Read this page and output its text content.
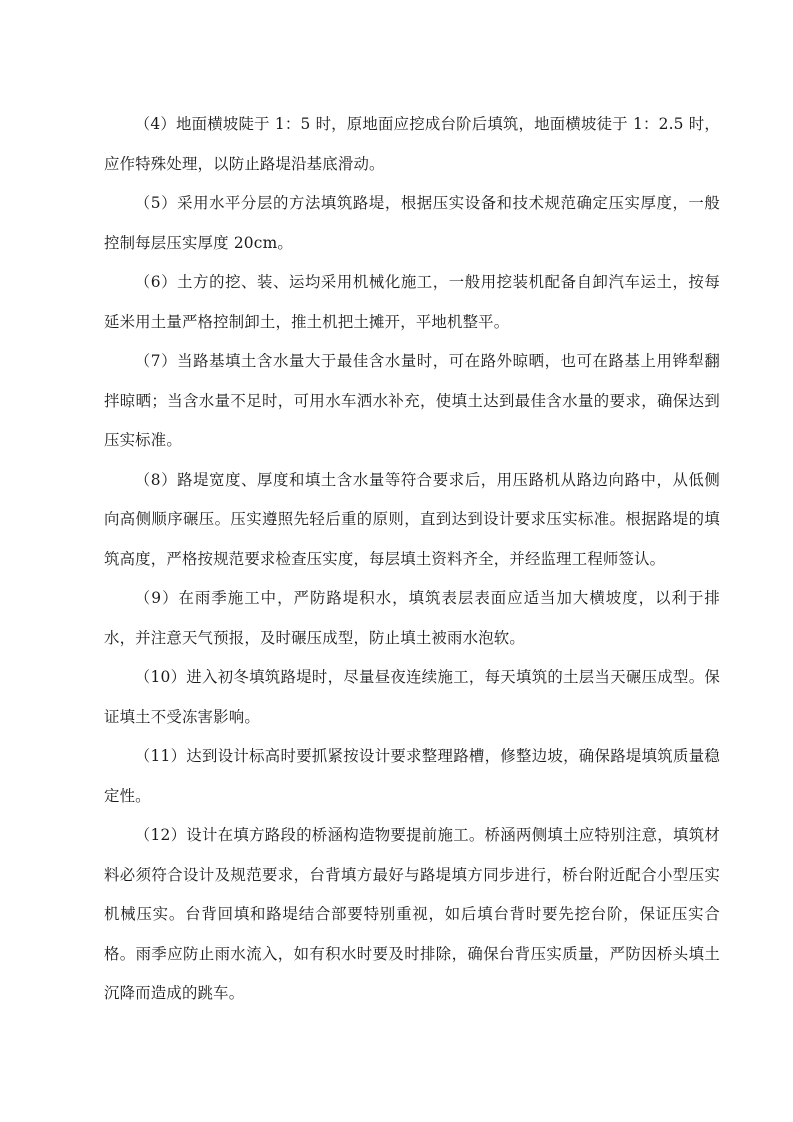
（4）地面横坡陡于 1：5 时，原地面应挖成台阶后填筑，地面横坡徒于 1：2.5 时，应作特殊处理，以防止路堤沿基底滑动。

（5）采用水平分层的方法填筑路堤，根据压实设备和技术规范确定压实厚度，一般控制每层压实厚度 20cm。

（6）土方的挖、装、运均采用机械化施工，一般用挖装机配备自卸汽车运土，按每延米用土量严格控制卸土，推土机把土摊开，平地机整平。

（7）当路基填土含水量大于最佳含水量时，可在路外晾晒，也可在路基上用铧犁翻拌晾晒；当含水量不足时，可用水车洒水补充，使填土达到最佳含水量的要求，确保达到压实标准。

（8）路堤宽度、厚度和填土含水量等符合要求后，用压路机从路边向路中，从低侧向高侧顺序碾压。压实遵照先轻后重的原则，直到达到设计要求压实标准。根据路堤的填筑高度，严格按规范要求检查压实度，每层填土资料齐全，并经监理工程师签认。

（9）在雨季施工中，严防路堤积水，填筑表层表面应适当加大横坡度，以利于排水，并注意天气预报，及时碾压成型，防止填土被雨水泡软。

（10）进入初冬填筑路堤时，尽量昼夜连续施工，每天填筑的土层当天碾压成型。保证填土不受冻害影响。

（11）达到设计标高时要抓紧按设计要求整理路槽，修整边坡，确保路堤填筑质量稳定性。

（12）设计在填方路段的桥涵构造物要提前施工。桥涵两侧填土应特别注意，填筑材料必须符合设计及规范要求，台背填方最好与路堤填方同步进行，桥台附近配合小型压实机械压实。台背回填和路堤结合部要特别重视，如后填台背时要先挖台阶，保证压实合格。雨季应防止雨水流入，如有积水时要及时排除，确保台背压实质量，严防因桥头填土沉降而造成的跳车。
